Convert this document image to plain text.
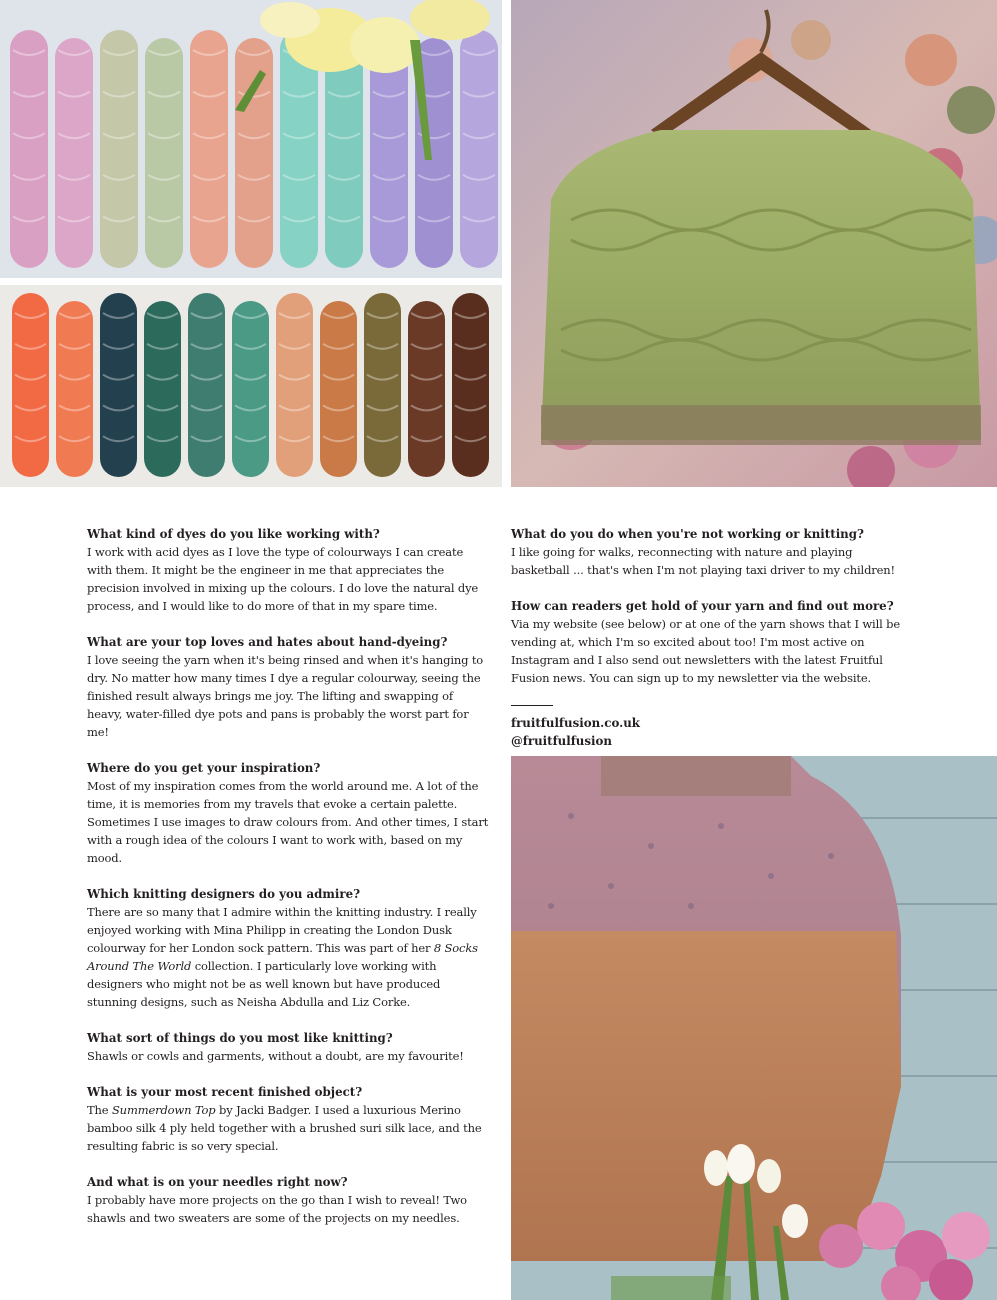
What kind of dyes do you like working with?

I work with acid dyes as I love the type of colourways I can create with them. It might be the engineer in me that appreciates the precision involved in mixing up the colours. I do love the natural dye process, and I would like to do more of that in my spare time.

What are your top loves and hates about hand-dyeing?

I love seeing the yarn when it's being rinsed and when it's hanging to dry. No matter how many times I dye a regular colourway, seeing the finished result always brings me joy. The lifting and swapping of heavy, water-filled dye pots and pans is probably the worst part for me!

Where do you get your inspiration?

Most of my inspiration comes from the world around me. A lot of the time, it is memories from my travels that evoke a certain palette. Sometimes I use images to draw colours from. And other times, I start with a rough idea of the colours I want to work with, based on my mood.

Which knitting designers do you admire?

There are so many that I admire within the knitting industry. I really enjoyed working with Mina Philipp in creating the London Dusk colourway for her London sock pattern. This was part of her 8 Socks Around The World collection. I particularly love working with designers who might not be as well known but have produced stunning designs, such as Neisha Abdulla and Liz Corke.

What sort of things do you most like knitting?

Shawls or cowls and garments, without a doubt, are my favourite!

What is your most recent finished object?

The Summerdown Top by Jacki Badger. I used a luxurious Merino bamboo silk 4 ply held together with a brushed suri silk lace, and the resulting fabric is so very special.

And what is on your needles right now?

I probably have more projects on the go than I wish to reveal! Two shawls and two sweaters are some of the projects on my needles.

What do you do when you're not working or knitting?

I like going for walks, reconnecting with nature and playing basketball ... that's when I'm not playing taxi driver to my children!

How can readers get hold of your yarn and find out more?

Via my website (see below) or at one of the yarn shows that I will be vending at, which I'm so excited about too! I'm most active on Instagram and I also send out newsletters with the latest Fruitful Fusion news. You can sign up to my newsletter via the website.

fruitfulfusion.co.uk
@fruitfulfusion
